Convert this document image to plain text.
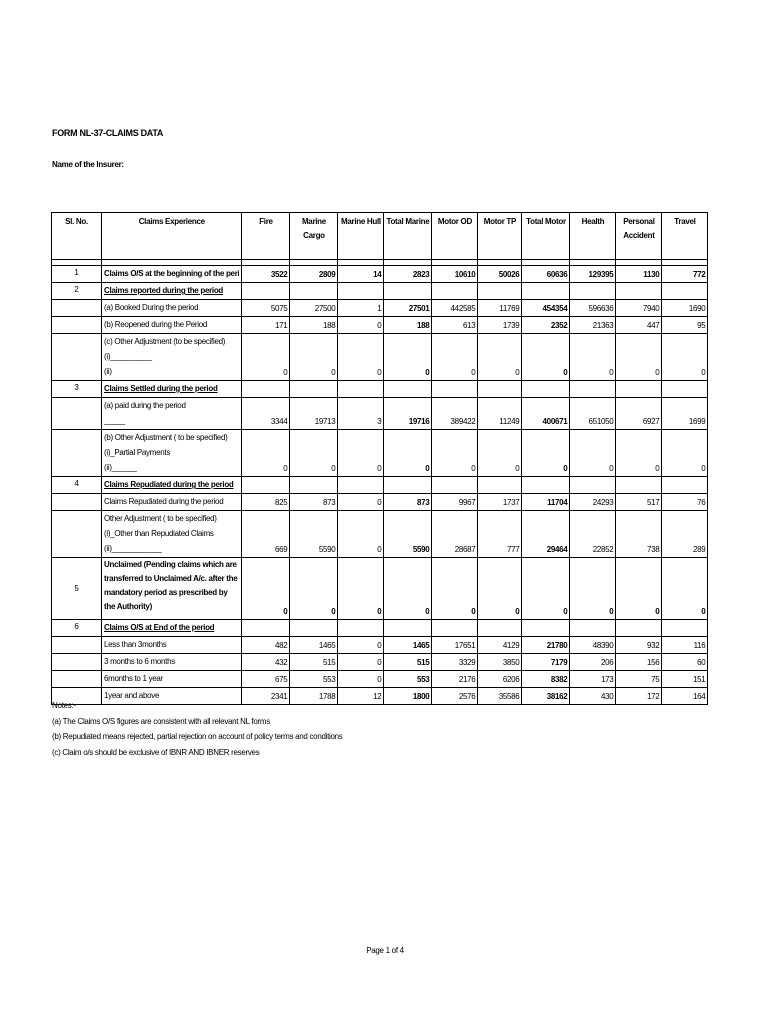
FORM NL-37-CLAIMS DATA
Name of the Insurer:
Sl. No.	Claims Experience	Fire	Marine Cargo	Marine Hull	Total Marine	Motor OD	Motor TP	Total Motor	Health	Personal Accident	Travel

1	Claims O/S at the beginning of the peri	3522	2809	14	2823	10610	50026	60636	129395	1130	772
2	Claims reported during the period										

	(a) Booked During the period	5075	27500	1	27501	442585	11769	454354	596636	7940	1690

	(b) Reopened during the Period	171	188	0	188	613	1739	2352	21363	447	95

	(c) Other Adjustment (to be specified)
(i)__________
(ii)	0	0	0	0	0	0	0	0	0	0
3	Claims Settled during the period										

	(a) paid during the period
_____	3344	19713	3	19716	389422	11249	400671	651050	6927	1699

	(b) Other Adjustment ( to be specified)
(i)_Partial Payments
(ii)______	0	0	0	0	0	0	0	0	0	0
4	Claims Repudiated during the period										

	Claims Repudiated during the period	825	873	0	873	9967	1737	11704	24293	517	76

	Other Adjustment ( to be specified)
(i)_Other than Repudiated Claims
(ii)____________	669	5590	0	5590	28687	777	29464	22852	738	289
5	Unclaimed (Pending claims which are transferred to Unclaimed A/c. after the mandatory period as prescribed by the Authority)	0	0	0	0	0	0	0	0	0	0
6	Claims O/S at End of the period										

	Less than 3months	482	1465	0	1465	17651	4129	21780	48390	932	116

	3 months to 6 months	432	515	0	515	3329	3850	7179	206	156	60

	6months to 1 year	675	553	0	553	2176	6206	8382	173	75	151

	1year and above	2341	1788	12	1800	2576	35586	38162	430	172	164
Notes:-
(a) The Claims O/S figures are consistent with all relevant NL forms
(b) Repudiated means rejected, partial rejection on account of policy terms and conditions
(c) Claim o/s should be exclusive of IBNR AND IBNER reserves
Page 1 of 4
